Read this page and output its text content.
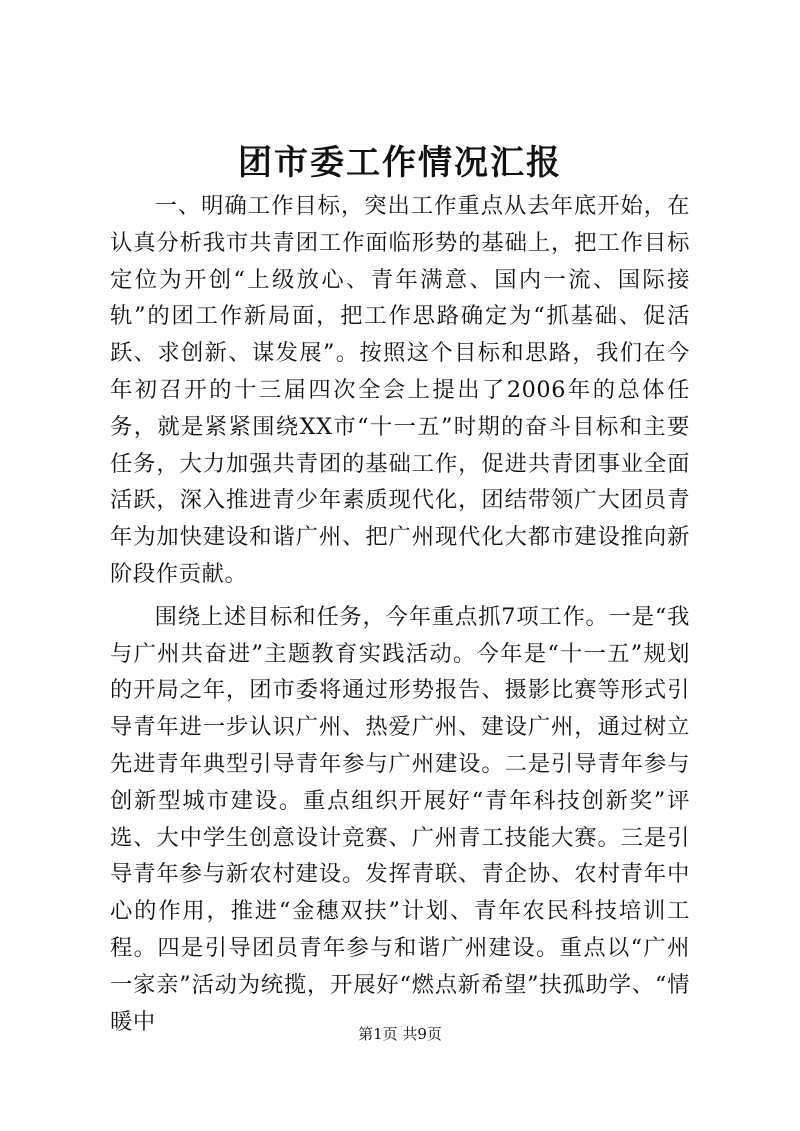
团市委工作情况汇报

一、明确工作目标，突出工作重点从去年底开始，在认真分析我市共青团工作面临形势的基础上，把工作目标定位为开创“上级放心、青年满意、国内一流、国际接轨”的团工作新局面，把工作思路确定为“抓基础、促活跃、求创新、谋发展”。按照这个目标和思路，我们在今年初召开的十三届四次全会上提出了2006年的总体任务，就是紧紧围绕XX市“十一五”时期的奋斗目标和主要任务，大力加强共青团的基础工作，促进共青团事业全面活跃，深入推进青少年素质现代化，团结带领广大团员青年为加快建设和谐广州、把广州现代化大都市建设推向新阶段作贡献。

围绕上述目标和任务，今年重点抓7项工作。一是“我与广州共奋进”主题教育实践活动。今年是“十一五”规划的开局之年，团市委将通过形势报告、摄影比赛等形式引导青年进一步认识广州、热爱广州、建设广州，通过树立先进青年典型引导青年参与广州建设。二是引导青年参与创新型城市建设。重点组织开展好“青年科技创新奖”评选、大中学生创意设计竞赛、广州青工技能大赛。三是引导青年参与新农村建设。发挥青联、青企协、农村青年中心的作用，推进“金穗双扶”计划、青年农民科技培训工程。四是引导团员青年参与和谐广州建设。重点以“广州一家亲”活动为统揽，开展好“燃点新希望”扶孤助学、“情暖中	第1页 共9页
